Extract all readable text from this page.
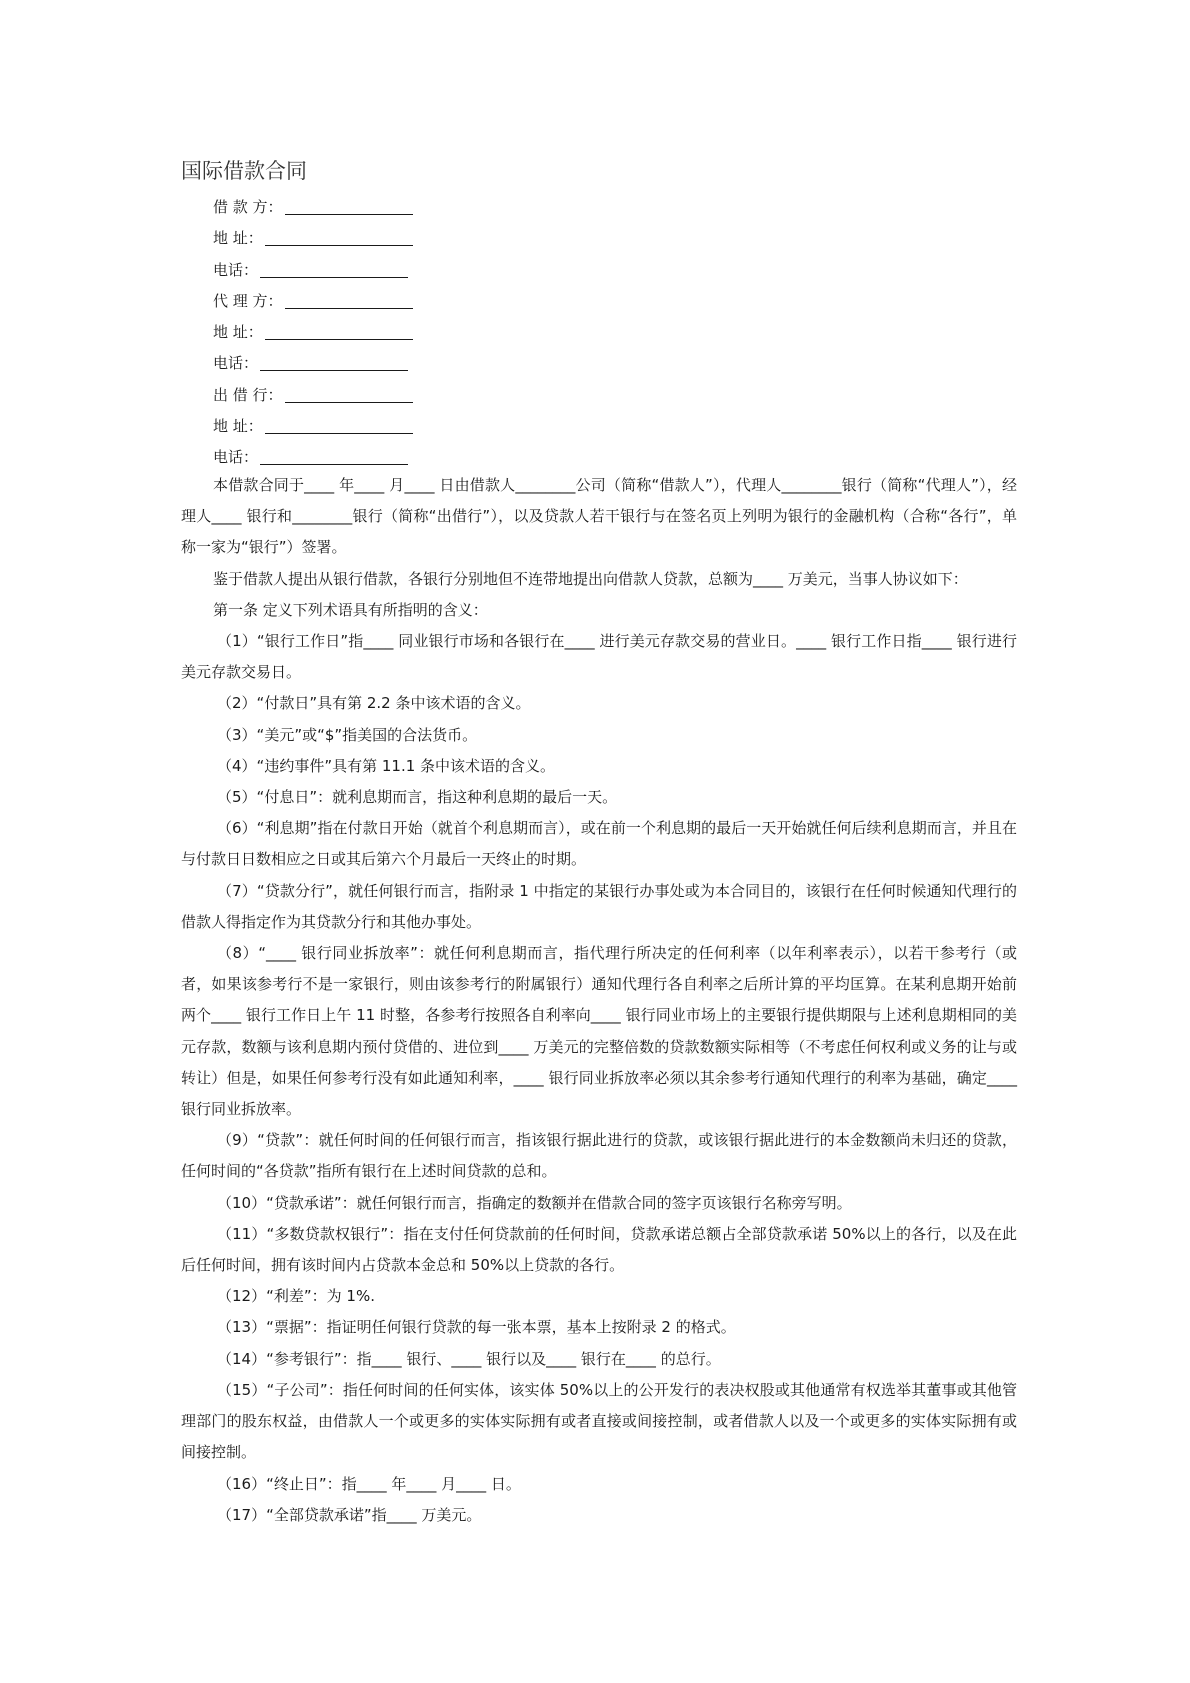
国际借款合同
借 款 方：
地 址：
电话：
代 理 方：
地 址：
电话：
出 借 行：
地 址：
电话：

本借款合同于____ 年____ 月____ 日由借款人________公司（简称“借款人”），代理人________银行（简称“代理人”），经理人____ 银行和________银行（简称“出借行”），以及贷款人若干银行与在签名页上列明为银行的金融机构（合称“各行”，单称一家为“银行”）签署。

鉴于借款人提出从银行借款，各银行分别地但不连带地提出向借款人贷款，总额为____ 万美元，当事人协议如下：

第一条 定义下列术语具有所指明的含义：

（1）“银行工作日”指____ 同业银行市场和各银行在____ 进行美元存款交易的营业日。____ 银行工作日指____ 银行进行美元存款交易日。

（2）“付款日”具有第 2.2 条中该术语的含义。

（3）“美元”或“$”指美国的合法货币。

（4）“违约事件”具有第 11.1 条中该术语的含义。

（5）“付息日”：就利息期而言，指这种利息期的最后一天。

（6）“利息期”指在付款日开始（就首个利息期而言），或在前一个利息期的最后一天开始就任何后续利息期而言，并且在与付款日日数相应之日或其后第六个月最后一天终止的时期。

（7）“贷款分行”，就任何银行而言，指附录 1 中指定的某银行办事处或为本合同目的，该银行在任何时候通知代理行的借款人得指定作为其贷款分行和其他办事处。

（8）“____ 银行同业拆放率”：就任何利息期而言，指代理行所决定的任何利率（以年利率表示），以若干参考行（或者，如果该参考行不是一家银行，则由该参考行的附属银行）通知代理行各自利率之后所计算的平均匡算。在某利息期开始前两个____ 银行工作日上午 11 时整，各参考行按照各自利率向____ 银行同业市场上的主要银行提供期限与上述利息期相同的美元存款，数额与该利息期内预付贷借的、进位到____ 万美元的完整倍数的贷款数额实际相等（不考虑任何权利或义务的让与或转让）但是，如果任何参考行没有如此通知利率，____ 银行同业拆放率必须以其余参考行通知代理行的利率为基础，确定____ 银行同业拆放率。

（9）“贷款”：就任何时间的任何银行而言，指该银行据此进行的贷款，或该银行据此进行的本金数额尚未归还的贷款，任何时间的“各贷款”指所有银行在上述时间贷款的总和。

（10）“贷款承诺”：就任何银行而言，指确定的数额并在借款合同的签字页该银行名称旁写明。

（11）“多数贷款权银行”：指在支付任何贷款前的任何时间，贷款承诺总额占全部贷款承诺 50%以上的各行，以及在此后任何时间，拥有该时间内占贷款本金总和 50%以上贷款的各行。

（12）“利差”：为 1%.

（13）“票据”：指证明任何银行贷款的每一张本票，基本上按附录 2 的格式。

（14）“参考银行”：指____ 银行、____ 银行以及____ 银行在____ 的总行。

（15）“子公司”：指任何时间的任何实体，该实体 50%以上的公开发行的表决权股或其他通常有权选举其董事或其他管理部门的股东权益，由借款人一个或更多的实体实际拥有或者直接或间接控制，或者借款人以及一个或更多的实体实际拥有或间接控制。

（16）“终止日”：指____ 年____ 月____ 日。

（17）“全部贷款承诺”指____ 万美元。
